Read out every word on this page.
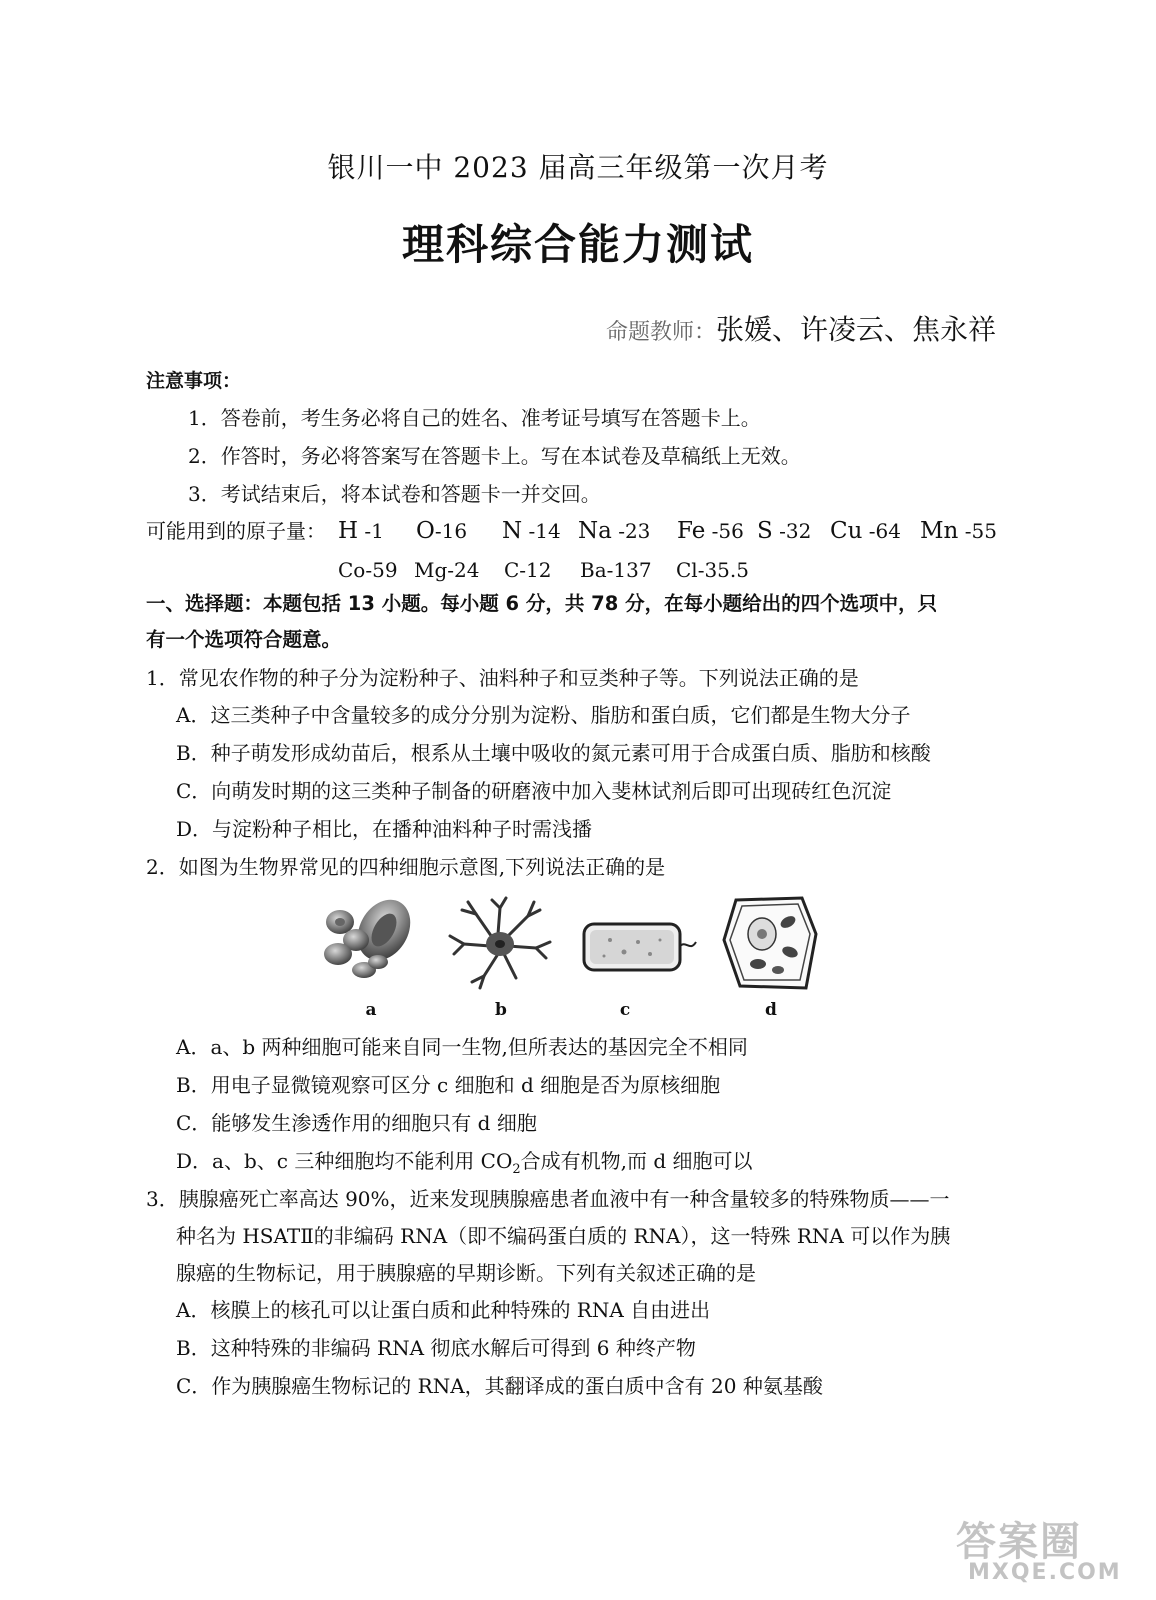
银川一中 2023 届高三年级第一次月考
理科综合能力测试
命题教师：张媛、许凌云、焦永祥
注意事项：
1．答卷前，考生务必将自己的姓名、准考证号填写在答题卡上。
2．作答时，务必将答案写在答题卡上。写在本试卷及草稿纸上无效。
3．考试结束后，将本试卷和答题卡一并交回。
可能用到的原子量： H -1 O-16 N -14 Na -23 Fe -56 S -32 Cu -64 Mn -55
Co-59 Mg-24 C-12 Ba-137 Cl-35.5
一、选择题：本题包括 13 小题。每小题 6 分，共 78 分，在每小题给出的四个选项中，只
有一个选项符合题意。
1．常见农作物的种子分为淀粉种子、油料种子和豆类种子等。下列说法正确的是
A．这三类种子中含量较多的成分分别为淀粉、脂肪和蛋白质，它们都是生物大分子
B．种子萌发形成幼苗后，根系从土壤中吸收的氮元素可用于合成蛋白质、脂肪和核酸
C．向萌发时期的这三类种子制备的研磨液中加入斐林试剂后即可出现砖红色沉淀
D．与淀粉种子相比，在播种油料种子时需浅播
2．如图为生物界常见的四种细胞示意图,下列说法正确的是
a	b	c	d
A．a、b 两种细胞可能来自同一生物,但所表达的基因完全不相同
B．用电子显微镜观察可区分 c 细胞和 d 细胞是否为原核细胞
C．能够发生渗透作用的细胞只有 d 细胞
D．a、b、c 三种细胞均不能利用 $CO_2$合成有机物,而 d 细胞可以
3．胰腺癌死亡率高达 90%，近来发现胰腺癌患者血液中有一种含量较多的特殊物质——一
种名为 HSATⅡ的非编码 RNA（即不编码蛋白质的 RNA），这一特殊 RNA 可以作为胰
腺癌的生物标记，用于胰腺癌的早期诊断。下列有关叙述正确的是
A．核膜上的核孔可以让蛋白质和此种特殊的 RNA 自由进出
B．这种特殊的非编码 RNA 彻底水解后可得到 6 种终产物
C．作为胰腺癌生物标记的 RNA，其翻译成的蛋白质中含有 20 种氨基酸
答案圈
MXQE.COM
